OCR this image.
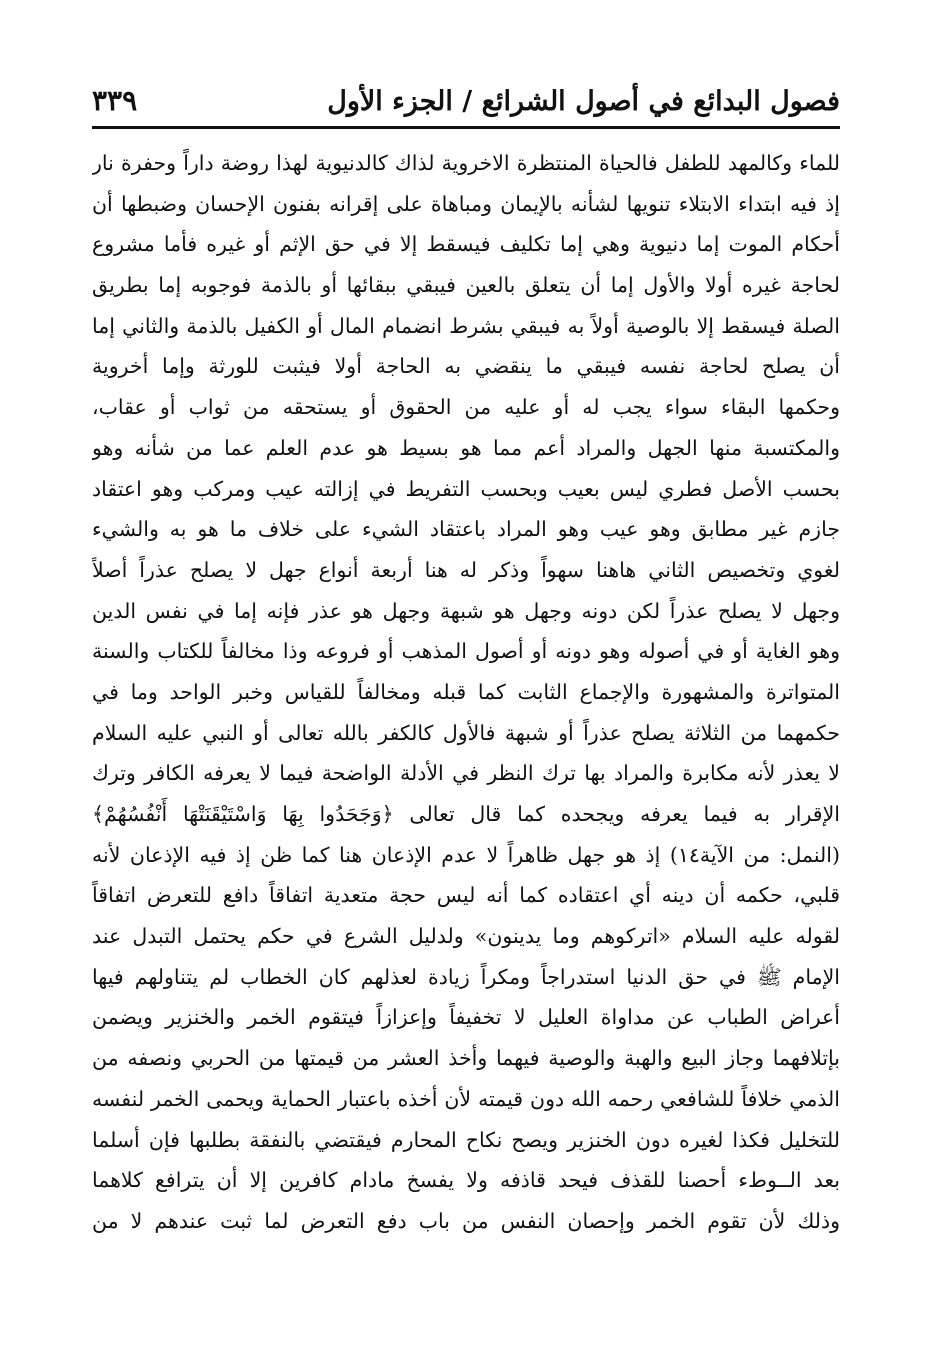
فصول البدائع في أصول الشرائع / الجزء الأول
٣٣٩
للماء وكالمهد للطفل فالحياة المنتظرة الاخروية لذاك كالدنيوية لهذا روضة داراً وحفرة نار
إذ فيه ابتداء الابتلاء تنويها لشأنه بالإيمان ومباهاة على إقرانه بفنون الإحسان وضبطها أن
أحكام الموت إما دنيوية وهي إما تكليف فيسقط إلا في حق الإثم أو غيره فأما مشروع
لحاجة غيره أولا والأول إما أن يتعلق بالعين فيبقي ببقائها أو بالذمة فوجوبه إما بطريق
الصلة فيسقط إلا بالوصية أولاً به فيبقي بشرط انضمام المال أو الكفيل بالذمة والثاني إما
أن يصلح لحاجة نفسه فيبقي ما ينقضي به الحاجة أولا فيثبت للورثة وإما أخروية
وحكمها البقاء سواء يجب له أو عليه من الحقوق أو يستحقه من ثواب أو عقاب،
والمكتسبة منها الجهل والمراد أعم مما هو بسيط هو عدم العلم عما من شأنه وهو
بحسب الأصل فطري ليس بعيب وبحسب التفريط في إزالته عيب ومركب وهو اعتقاد
جازم غير مطابق وهو عيب وهو المراد باعتقاد الشيء على خلاف ما هو به والشيء
لغوي وتخصيص الثاني هاهنا سهواً وذكر له هنا أربعة أنواع جهل لا يصلح عذراً أصلاً
وجهل لا يصلح عذراً لكن دونه وجهل هو شبهة وجهل هو عذر فإنه إما في نفس الدين
وهو الغاية أو في أصوله وهو دونه أو أصول المذهب أو فروعه وذا مخالفاً للكتاب والسنة
المتواترة والمشهورة والإجماع الثابت كما قبله ومخالفاً للقياس وخبر الواحد وما في
حكمهما من الثلاثة يصلح عذراً أو شبهة فالأول كالكفر بالله تعالى أو النبي عليه السلام
لا يعذر لأنه مكابرة والمراد بها ترك النظر في الأدلة الواضحة فيما لا يعرفه الكافر وترك
الإقرار به فيما يعرفه ويجحده كما قال تعالى ﴿وَجَحَدُوا بِهَا وَاسْتَيْقَنَتْهَا أَنْفُسُهُمْ﴾
(النمل: من الآية١٤) إذ هو جهل ظاهراً لا عدم الإذعان هنا كما ظن إذ فيه الإذعان لأنه
قلبي، حكمه أن دينه أي اعتقاده كما أنه ليس حجة متعدية اتفاقاً دافع للتعرض اتفاقاً
لقوله عليه السلام «اتركوهم وما يدينون» ولدليل الشرع في حكم يحتمل التبدل عند
الإمام ﷺ في حق الدنيا استدراجاً ومكراً زيادة لعذلهم كان الخطاب لم يتناولهم فيها
أعراض الطباب عن مداواة العليل لا تخفيفاً وإعزازاً فيتقوم الخمر والخنزير ويضمن
بإتلافهما وجاز البيع والهبة والوصية فيهما وأخذ العشر من قيمتها من الحربي ونصفه من
الذمي خلافاً للشافعي رحمه الله دون قيمته لأن أخذه باعتبار الحماية ويحمى الخمر لنفسه
للتخليل فكذا لغيره دون الخنزير ويصح نكاح المحارم فيقتضي بالنفقة بطلبها فإن أسلما
بعد الــوطء أحصنا للقذف فيحد قاذفه ولا يفسخ مادام كافرين إلا أن يترافع كلاهما
وذلك لأن تقوم الخمر وإحصان النفس من باب دفع التعرض لما ثبت عندهم لا من
